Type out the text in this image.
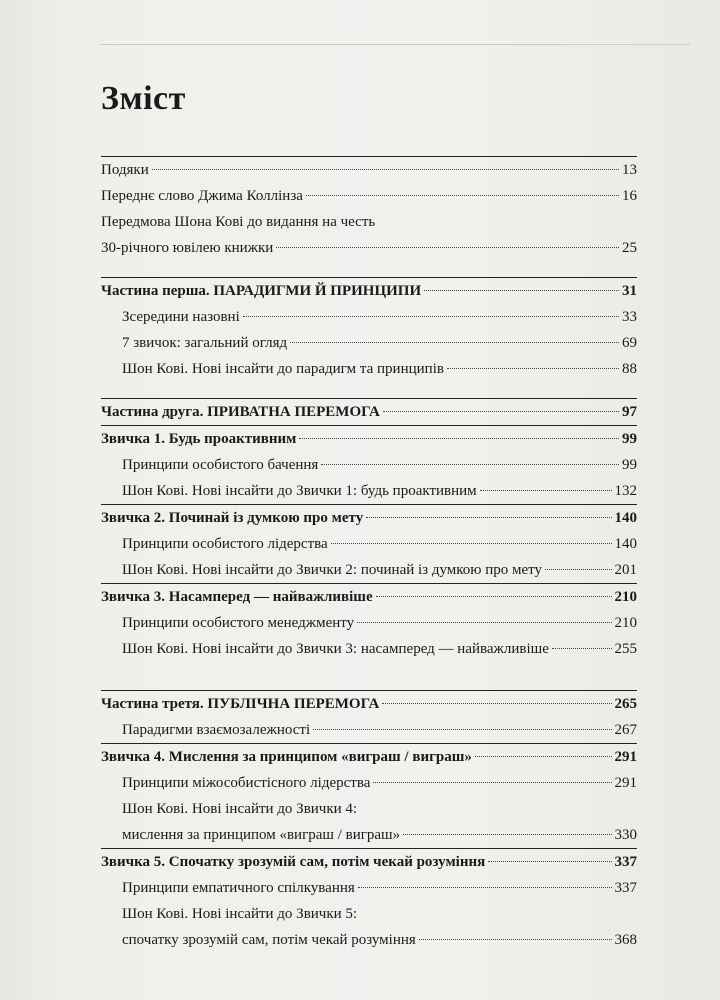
Зміст
Подяки	13
Переднє слово Джима Коллінза	16
Передмова Шона Кові до видання на честь
30-річного ювілею книжки	25
Частина перша. ПАРАДИГМИ Й ПРИНЦИПИ	31
Зсередини назовні	33
7 звичок: загальний огляд	69
Шон Кові. Нові інсайти до парадигм та принципів	88
Частина друга. ПРИВАТНА ПЕРЕМОГА	97
Звичка 1. Будь проактивним	99
Принципи особистого бачення	99
Шон Кові. Нові інсайти до Звички 1: будь проактивним	132
Звичка 2. Починай із думкою про мету	140
Принципи особистого лідерства	140
Шон Кові. Нові інсайти до Звички 2: починай із думкою про мету	201
Звичка 3. Насамперед — найважливіше	210
Принципи особистого менеджменту	210
Шон Кові. Нові інсайти до Звички 3: насамперед — найважливіше	255
Частина третя. ПУБЛІЧНА ПЕРЕМОГА	265
Парадигми взаємозалежності	267
Звичка 4. Мислення за принципом «виграш / виграш»	291
Принципи міжособистісного лідерства	291
Шон Кові. Нові інсайти до Звички 4:
мислення за принципом «виграш / виграш»	330
Звичка 5. Спочатку зрозумій сам, потім чекай розуміння	337
Принципи емпатичного спілкування	337
Шон Кові. Нові інсайти до Звички 5:
спочатку зрозумій сам, потім чекай розуміння	368
